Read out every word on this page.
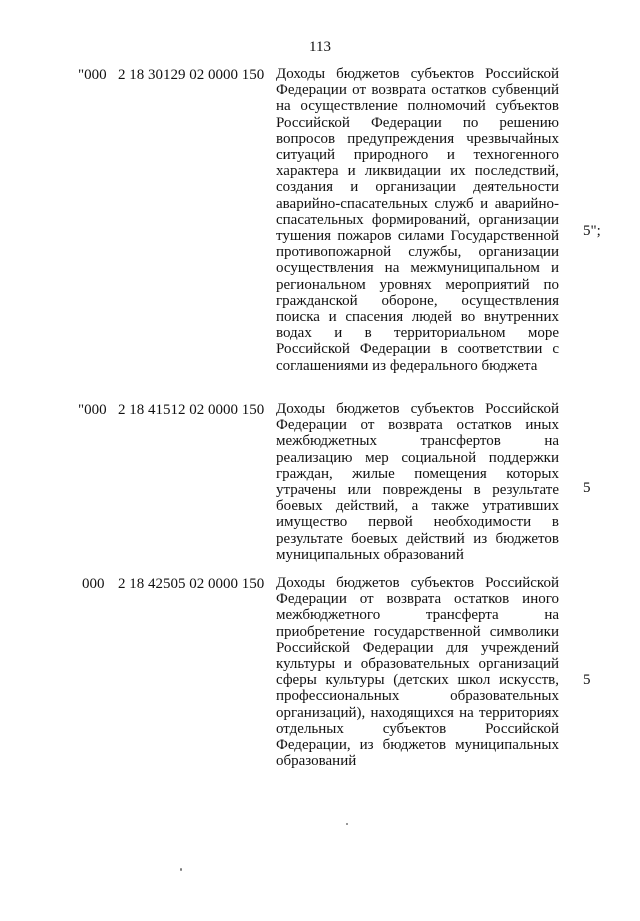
113
"000 2 18 30129 02 0000 150 Доходы бюджетов субъектов Российской Федерации от возврата остатков субвенций на осуществление полномочий субъектов Российской Федерации по решению вопросов предупреждения чрезвычайных ситуаций природного и техногенного характера и ликвидации их последствий, создания и организации деятельности аварийно-спасательных служб и аварийно-спасательных формирований, организации тушения пожаров силами Государственной противопожарной службы, организации осуществления на межмуниципальном и региональном уровнях мероприятий по гражданской обороне, осуществления поиска и спасения людей во внутренних водах и в территориальном море Российской Федерации в соответствии с соглашениями из федерального бюджета
5";
"000 2 18 41512 02 0000 150 Доходы бюджетов субъектов Российской Федерации от возврата остатков иных межбюджетных трансфертов на реализацию мер социальной поддержки граждан, жилые помещения которых утрачены или повреждены в результате боевых действий, а также утративших имущество первой необходимости в результате боевых действий из бюджетов муниципальных образований
5
000 2 18 42505 02 0000 150 Доходы бюджетов субъектов Российской Федерации от возврата остатков иного межбюджетного трансферта на приобретение государственной символики Российской Федерации для учреждений культуры и образовательных организаций сферы культуры (детских школ искусств, профессиональных образовательных организаций), находящихся на территориях отдельных субъектов Российской Федерации, из бюджетов муниципальных образований
5
